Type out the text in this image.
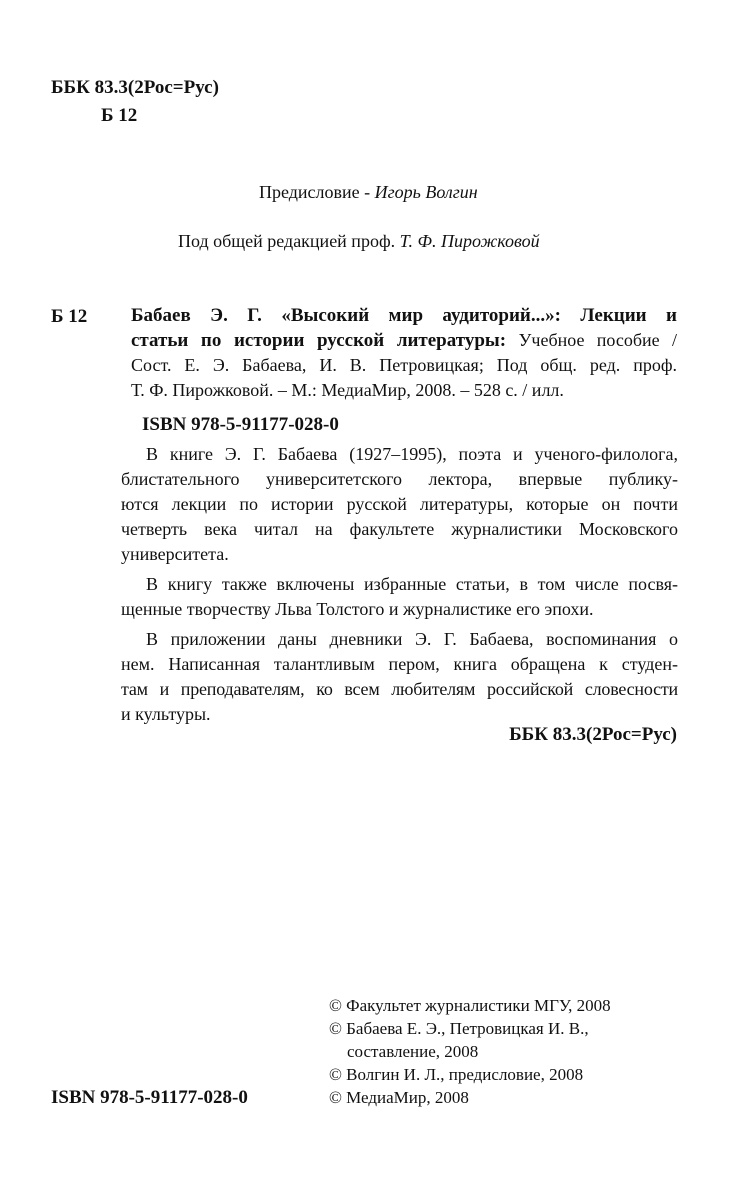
ББК 83.3(2Рос=Рус)
Б 12
Предисловие - Игорь Волгин
Под общей редакцией проф. Т. Ф. Пирожковой
Б 12 Бабаев Э. Г. «Высокий мир аудиторий...»: Лекции и
статьи по истории русской литературы: Учебное пособие /
Сост. Е. Э. Бабаева, И. В. Петровицкая; Под общ. ред. проф.
Т. Ф. Пирожковой. – М.: МедиаМир, 2008. – 528 с. / илл.
ISBN 978-5-91177-028-0
В книге Э. Г. Бабаева (1927–1995), поэта и ученого-филолога,
блистательного университетского лектора, впервые публику-
ются лекции по истории русской литературы, которые он почти
четверть века читал на факультете журналистики Московского
университета.
В книгу также включены избранные статьи, в том числе посвя-
щенные творчеству Льва Толстого и журналистике его эпохи.
В приложении даны дневники Э. Г. Бабаева, воспоминания о
нем. Написанная талантливым пером, книга обращена к студен-
там и преподавателям, ко всем любителям российской словесности
и культуры.
ББК 83.3(2Рос=Рус)
ISBN 978-5-91177-028-0
© Факультет журналистики МГУ, 2008
© Бабаева Е. Э., Петровицкая И. В.,
составление, 2008
© Волгин И. Л., предисловие, 2008
© МедиаМир, 2008
